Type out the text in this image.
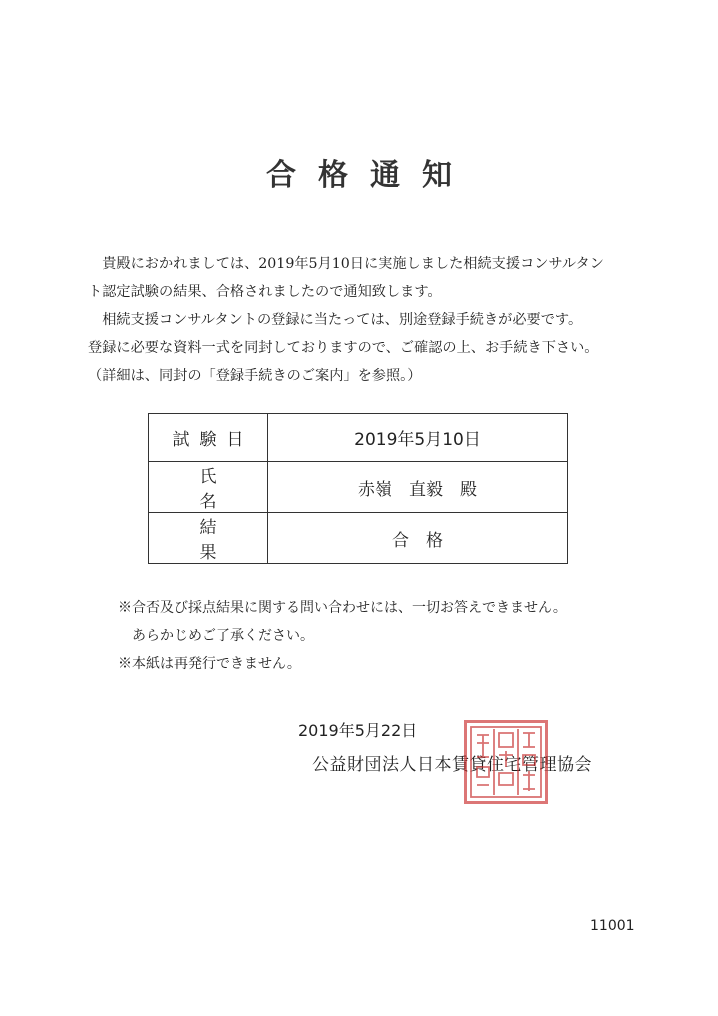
合格通知

　貴殿におかれましては、2019年5月10日に実施しました相続支援コンサルタン

ト認定試験の結果、合格されましたので通知致します。

　相続支援コンサルタントの登録に当たっては、別途登録手続きが必要です。

登録に必要な資料一式を同封しておりますので、ご確認の上、お手続き下さい。

（詳細は、同封の「登録手続きのご案内」を参照。）

試験日	2019年5月10日
氏名	赤嶺　直毅　殿
結果	合　格

※合否及び採点結果に関する問い合わせには、一切お答えできません。

あらかじめご了承ください。

※本紙は再発行できません。

2019年5月22日
公益財団法人日本賃貸住宅管理協会
11001
